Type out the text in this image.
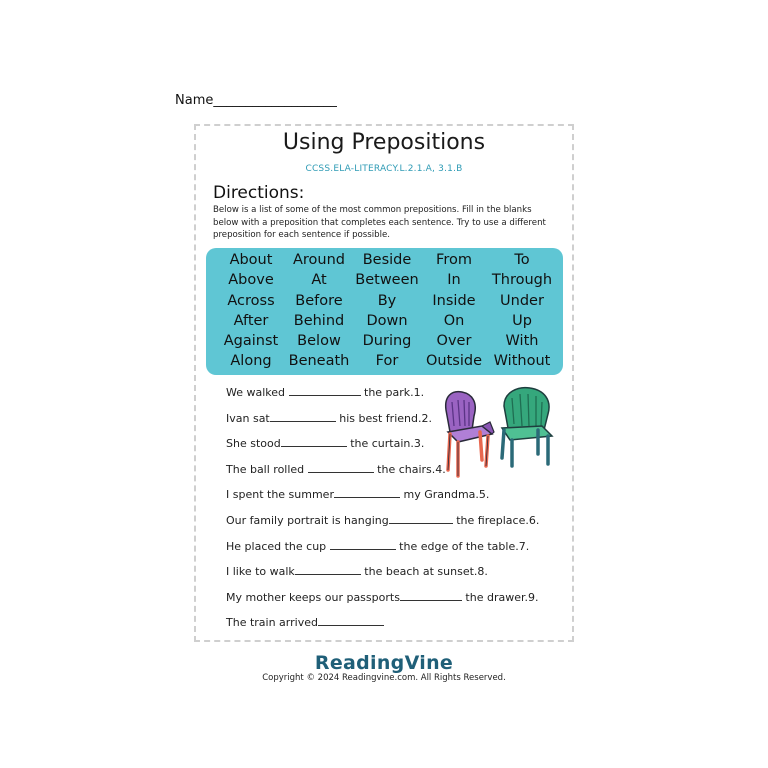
Name___________________
Using Prepositions
CCSS.ELA-LITERACY.L.2.1.A, 3.1.B
Directions:
Below is a list of some of the most common prepositions. Fill in the blanks below with a preposition that completes each sentence. Try to use a different preposition for each sentence if possible.
About	Around	Beside	From	To
Above	At	Between	In	Through
Across	Before	By	Inside	Under
After	Behind	Down	On	Up
Against	Below	During	Over	With
Along	Beneath	For	Outside Without
We walked	the park.1.
Ivan sat	his best friend.2.
She stood	the curtain.3.
The ball rolled	the chairs.4.
I spent the summer	my Grandma.5.
Our family portrait is hanging	the fireplace.6.
He placed the cup	the edge of the table.7.
I like to walk	the beach at sunset.8.
My mother keeps our passports	the drawer.9.
The train arrived
ReadingVine
Copyright © 2024 Readingvine.com. All Rights Reserved.
